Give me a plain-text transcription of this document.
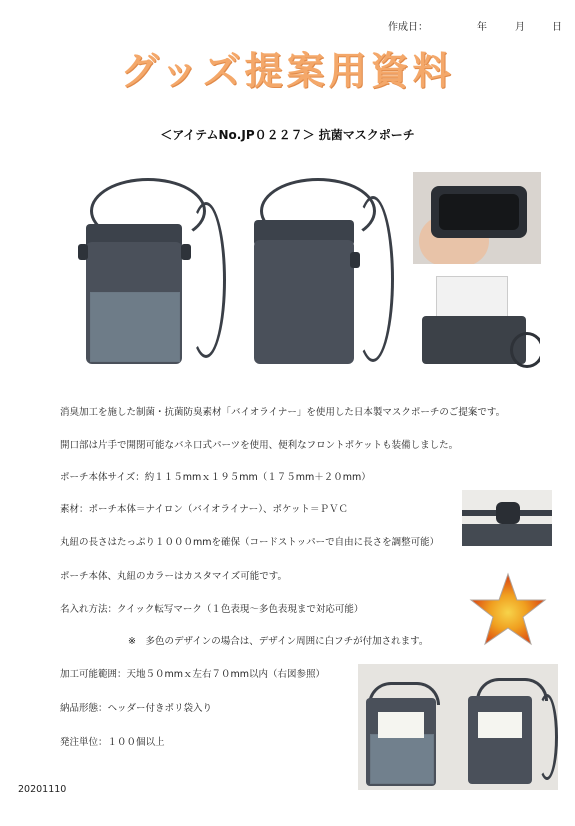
作成日：	年	月	日
グッズ提案用資料
＜アイテムNo.JP０２２７＞ 抗菌マスクポーチ
消臭加工を施した制菌・抗菌防臭素材「バイオライナー」を使用した日本製マスクポーチのご提案です。
開口部は片手で開閉可能なバネ口式パーツを使用、便利なフロントポケットも装備しました。
ポーチ本体サイズ：約１１５mmｘ１９５mm（１７５mm＋２０mm）
素材：ポーチ本体＝ナイロン（バイオライナー）、ポケット＝ＰＶＣ
丸紐の長さはたっぷり１０００mmを確保（コードストッパーで自由に長さを調整可能）
ポーチ本体、丸紐のカラーはカスタマイズ可能です。
名入れ方法：クイック転写マーク（１色表現～多色表現まで対応可能）
※　多色のデザインの場合は、デザイン周囲に白フチが付加されます。
加工可能範囲：天地５０mmｘ左右７０mm以内（右図参照）
納品形態：ヘッダー付きポリ袋入り
発注単位：１００個以上
20201110
